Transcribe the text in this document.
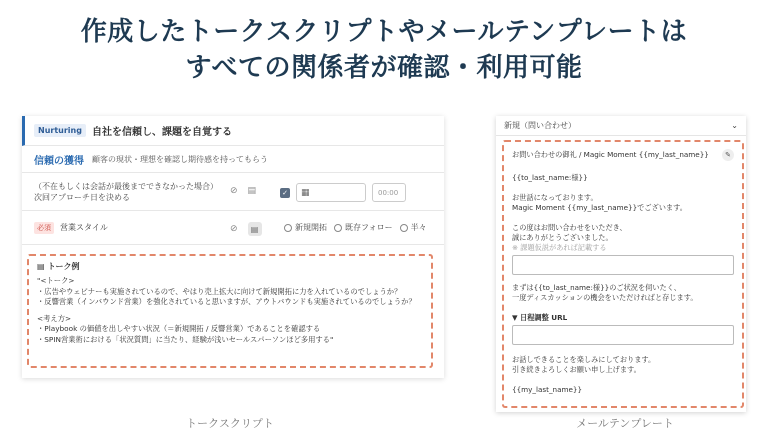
作成したトークスクリプトやメールテンプレートは
すべての関係者が確認・利用可能
Nurturing	自社を信頼し、課題を自覚する
信頼の獲得 顧客の現状・理想を確認し期待感を持ってもらう
（不在もしくは会話が最後までできなかった場合）
次回アプローチ日を決める
⊘ ▤	✓ ▦	00:00
必須	営業スタイル	⊘	▤	新規開拓 既存フォロー 半々
▤ トーク例
"<トーク>
・広告やウェビナーも実施されているので、やはり売上拡大に向けて新規開拓に力を入れているのでしょうか？
・反響営業（インバウンド営業）を強化されていると思いますが、アウトバウンドも実施されているのでしょうか？
<考え方>
・Playbook の価値を出しやすい状況（＝新規開拓 / 反響営業）であることを確認する
・SPIN営業術における「状況質問」に当たり、経験が浅いセールスパーソンほど多用する"
新規（問い合わせ）	⌄
お問い合わせの御礼 / Magic Moment {{my_last_name}}	✎
{{to_last_name:様}}
お世話になっております。
Magic Moment {{my_last_name}}でございます。
この度はお問い合わせをいただき、
誠にありがとうございました。
※ 課題仮説があれば記載する
まずは{{to_last_name:様}}のご状況を伺いたく、
一度ディスカッションの機会をいただければと存じます。
▼ 日程調整 URL
お話しできることを楽しみにしております。
引き続きよろしくお願い申し上げます。
{{my_last_name}}
トークスクリプト	メールテンプレート
